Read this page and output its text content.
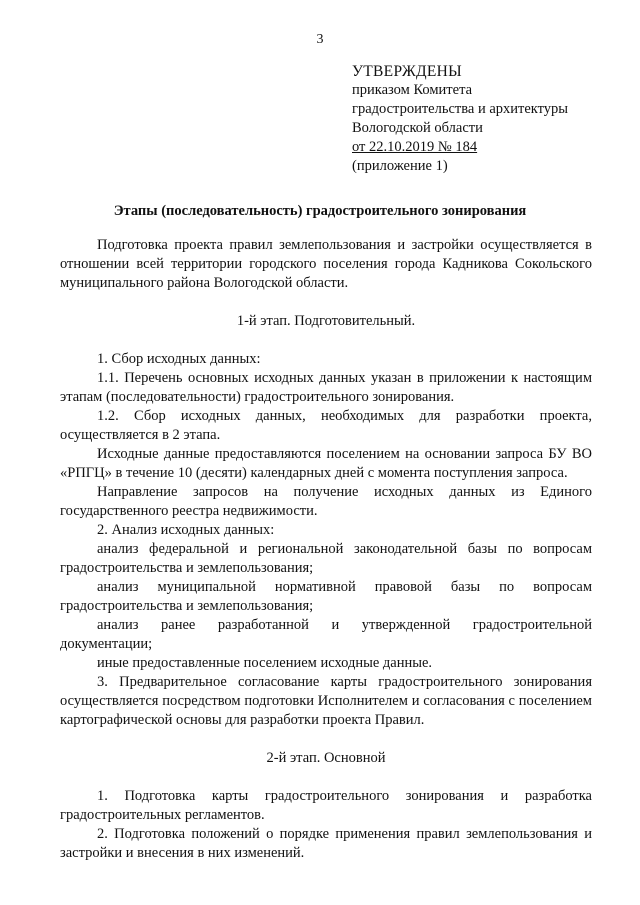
3
УТВЕРЖДЕНЫ
приказом Комитета
градостроительства и архитектуры
Вологодской области
от 22.10.2019 № 184
(приложение 1)
Этапы (последовательность) градостроительного зонирования

Подготовка проекта правил землепользования и застройки осуществляется в отношении всей территории городского поселения города Кадникова Сокольского муниципального района Вологодской области.

1-й этап. Подготовительный.

1. Сбор исходных данных:

1.1. Перечень основных исходных данных указан в приложении к настоящим этапам (последовательности) градостроительного зонирования.

1.2. Сбор исходных данных, необходимых для разработки проекта, осуществляется в 2 этапа.

Исходные данные предоставляются поселением на основании запроса БУ ВО «РПГЦ» в течение 10 (десяти) календарных дней с момента поступления запроса.

Направление запросов на получение исходных данных из Единого государственного реестра недвижимости.

2. Анализ исходных данных:

анализ федеральной и региональной законодательной базы по вопросам градостроительства и землепользования;

анализ муниципальной нормативной правовой базы по вопросам градостроительства и землепользования;

анализ ранее разработанной и утвержденной градостроительной документации;

иные предоставленные поселением исходные данные.

3. Предварительное согласование карты градостроительного зонирования осуществляется посредством подготовки Исполнителем и согласования с поселением картографической основы для разработки проекта Правил.

2-й этап. Основной

1. Подготовка карты градостроительного зонирования и разработка градостроительных регламентов.

2. Подготовка положений о порядке применения правил землепользования и застройки и внесения в них изменений.
